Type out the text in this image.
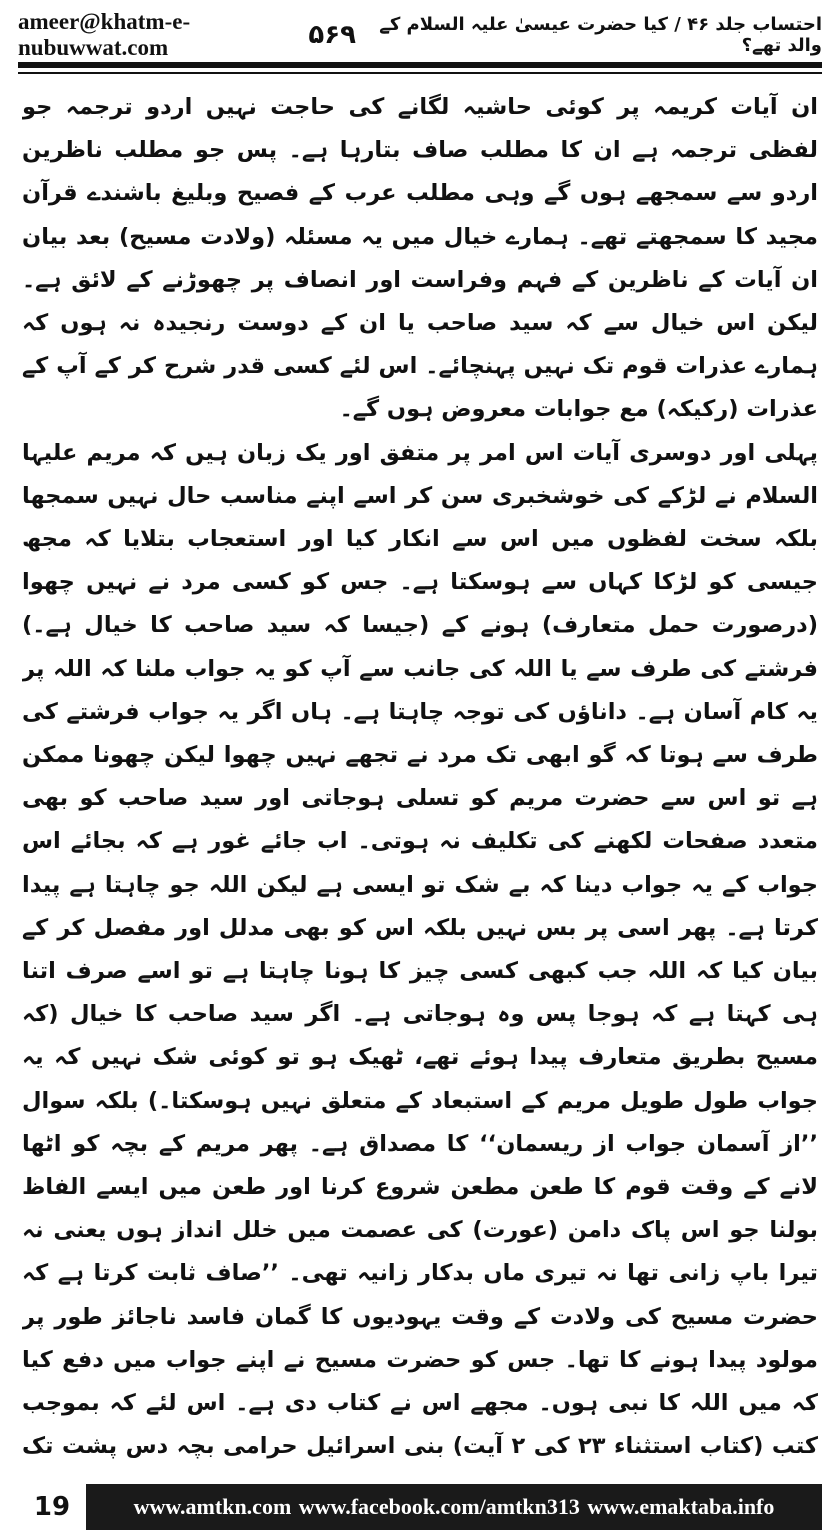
ameer@khatm-e-nubuwwat.com	۵۶۹	احتساب جلد ۴۶ / کیا حضرت عیسیٰ علیہ السلام کے والد تھے؟

ان آیات کریمہ پر کوئی حاشیہ لگانے کی حاجت نہیں اردو ترجمہ جو لفظی ترجمہ ہے ان کا مطلب صاف بتارہا ہے۔ پس جو مطلب ناظرین اردو سے سمجھے ہوں گے وہی مطلب عرب کے فصیح وبلیغ باشندے قرآن مجید کا سمجھتے تھے۔ ہمارے خیال میں یہ مسئلہ (ولادت مسیح) بعد بیان ان آیات کے ناظرین کے فہم وفراست اور انصاف پر چھوڑنے کے لائق ہے۔ لیکن اس خیال سے کہ سید صاحب یا ان کے دوست رنجیدہ نہ ہوں کہ ہمارے عذرات قوم تک نہیں پہنچائے۔ اس لئے کسی قدر شرح کر کے آپ کے عذرات (رکیکہ) مع جوابات معروض ہوں گے۔

پہلی اور دوسری آیات اس امر پر متفق اور یک زبان ہیں کہ مریم علیہا السلام نے لڑکے کی خوشخبری سن کر اسے اپنے مناسب حال نہیں سمجھا بلکہ سخت لفظوں میں اس سے انکار کیا اور استعجاب بتلایا کہ مجھ جیسی کو لڑکا کہاں سے ہوسکتا ہے۔ جس کو کسی مرد نے نہیں چھوا (درصورت حمل متعارف) ہونے کے (جیسا کہ سید صاحب کا خیال ہے۔) فرشتے کی طرف سے یا اللہ کی جانب سے آپ کو یہ جواب ملنا کہ اللہ پر یہ کام آسان ہے۔ داناؤں کی توجہ چاہتا ہے۔ ہاں اگر یہ جواب فرشتے کی طرف سے ہوتا کہ گو ابھی تک مرد نے تجھے نہیں چھوا لیکن چھونا ممکن ہے تو اس سے حضرت مریم کو تسلی ہوجاتی اور سید صاحب کو بھی متعدد صفحات لکھنے کی تکلیف نہ ہوتی۔ اب جائے غور ہے کہ بجائے اس جواب کے یہ جواب دینا کہ بے شک تو ایسی ہے لیکن اللہ جو چاہتا ہے پیدا کرتا ہے۔ پھر اسی پر بس نہیں بلکہ اس کو بھی مدلل اور مفصل کر کے بیان کیا کہ اللہ جب کبھی کسی چیز کا ہونا چاہتا ہے تو اسے صرف اتنا ہی کہتا ہے کہ ہوجا پس وہ ہوجاتی ہے۔ اگر سید صاحب کا خیال (کہ مسیح بطریق متعارف پیدا ہوئے تھے، ٹھیک ہو تو کوئی شک نہیں کہ یہ جواب طول طویل مریم کے استبعاد کے متعلق نہیں ہوسکتا۔) بلکہ سوال ’’از آسمان جواب از ریسمان‘‘ کا مصداق ہے۔ پھر مریم کے بچہ کو اٹھا لانے کے وقت قوم کا طعن مطعن شروع کرنا اور طعن میں ایسے الفاظ بولنا جو اس پاک دامن (عورت) کی عصمت میں خلل انداز ہوں یعنی نہ تیرا باپ زانی تھا نہ تیری ماں بدکار زانیہ تھی۔ ’’صاف ثابت کرتا ہے کہ حضرت مسیح کی ولادت کے وقت یہودیوں کا گمان فاسد ناجائز طور پر مولود پیدا ہونے کا تھا۔ جس کو حضرت مسیح نے اپنے جواب میں دفع کیا کہ میں اللہ کا نبی ہوں۔ مجھے اس نے کتاب دی ہے۔ اس لئے کہ بموجب کتب (کتاب استثناء ۲۳ کی ۲ آیت) بنی اسرائیل حرامی بچہ دس پشت تک

19	www.amtkn.com www.facebook.com/amtkn313 www.emaktaba.info
